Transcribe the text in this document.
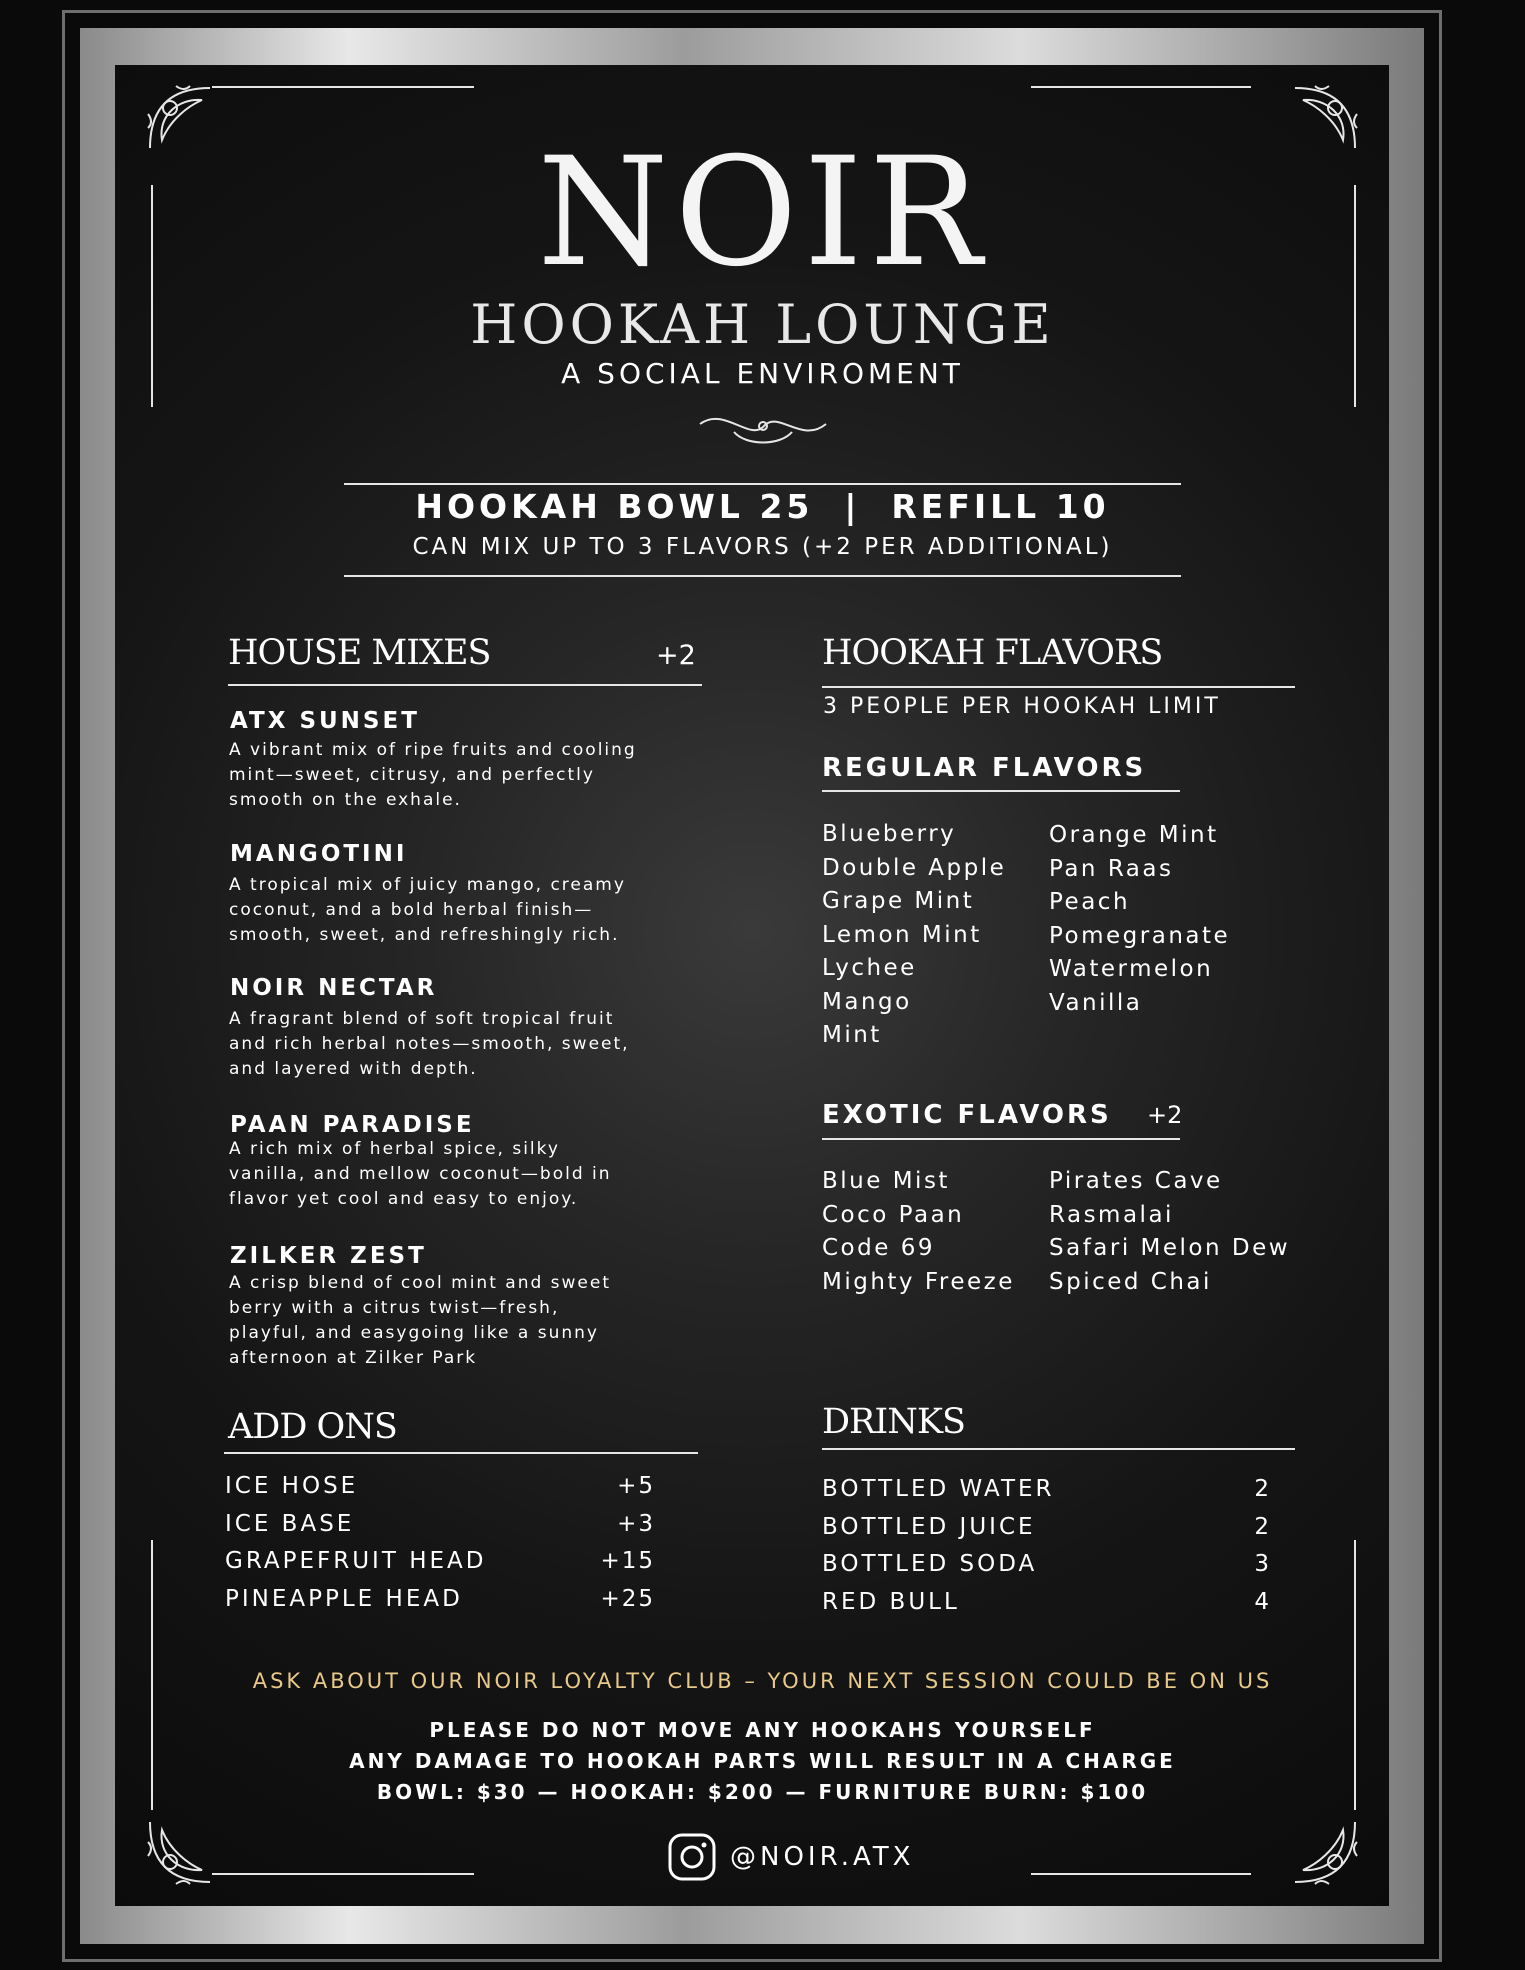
NOIR
HOOKAH LOUNGE
A SOCIAL ENVIROMENT
HOOKAH BOWL 25  |  REFILL 10
CAN MIX UP TO 3 FLAVORS (+2 PER ADDITIONAL)
HOUSE MIXES	+2
ATX SUNSET
A vibrant mix of ripe fruits and cooling mint—sweet, citrusy, and perfectly smooth on the exhale.
MANGOTINI
A tropical mix of juicy mango, creamy coconut, and a bold herbal finish—smooth, sweet, and refreshingly rich.
NOIR NECTAR
A fragrant blend of soft tropical fruit and rich herbal notes—smooth, sweet, and layered with depth.
PAAN PARADISE
A rich mix of herbal spice, silky vanilla, and mellow coconut—bold in flavor yet cool and easy to enjoy.
ZILKER ZEST
A crisp blend of cool mint and sweet berry with a citrus twist—fresh, playful, and easygoing like a sunny afternoon at Zilker Park
HOOKAH FLAVORS
3 PEOPLE PER HOOKAH LIMIT
REGULAR FLAVORS
Blueberry
Double Apple
Grape Mint
Lemon Mint
Lychee
Mango
Mint
Orange Mint
Pan Raas
Peach
Pomegranate
Watermelon
Vanilla
EXOTIC FLAVORS +2
Blue Mist
Coco Paan
Code 69
Mighty Freeze
Pirates Cave
Rasmalai
Safari Melon Dew
Spiced Chai
ADD ONS
ICE HOSE	+5
ICE BASE	+3
GRAPEFRUIT HEAD	+15
PINEAPPLE HEAD	+25
DRINKS
BOTTLED WATER	2
BOTTLED JUICE	2
BOTTLED SODA	3
RED BULL	4
ASK ABOUT OUR NOIR LOYALTY CLUB – YOUR NEXT SESSION COULD BE ON US
PLEASE DO NOT MOVE ANY HOOKAHS YOURSELF
ANY DAMAGE TO HOOKAH PARTS WILL RESULT IN A CHARGE
BOWL: $30 — HOOKAH: $200 — FURNITURE BURN: $100
@NOIR.ATX
